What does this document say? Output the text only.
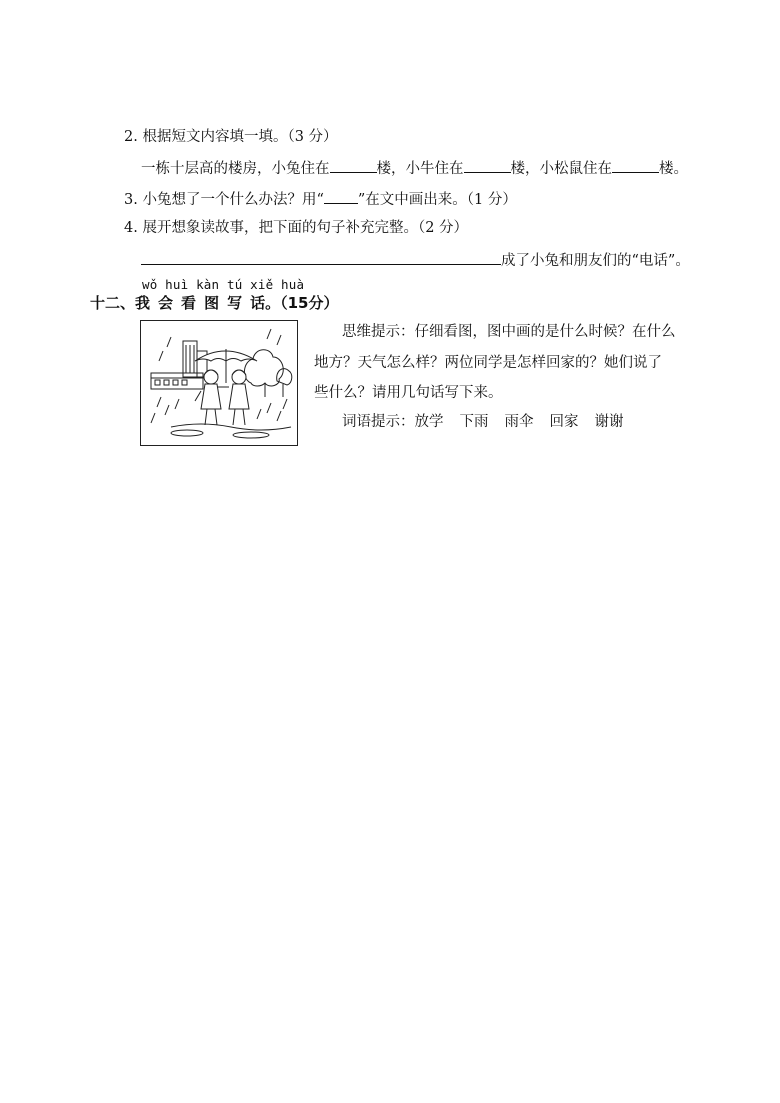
2. 根据短文内容填一填。（3 分）
一栋十层高的楼房，小兔住在	楼，小牛住在	楼，小松鼠住在	楼。
3. 小兔想了一个什么办法？用“ ”在文中画出来。（1 分）
4. 展开想象读故事，把下面的句子补充完整。（2 分）
成了小兔和朋友们的“电话”。
wǒ huì kàn tú xiě huà
十二、我会看图写话。（15分）
思维提示：仔细看图，图中画的是什么时候？在什么
地方？天气怎么样？两位同学是怎样回家的？她们说了
些什么？请用几句话写下来。
词语提示：放学 下雨 雨伞 回家 谢谢
